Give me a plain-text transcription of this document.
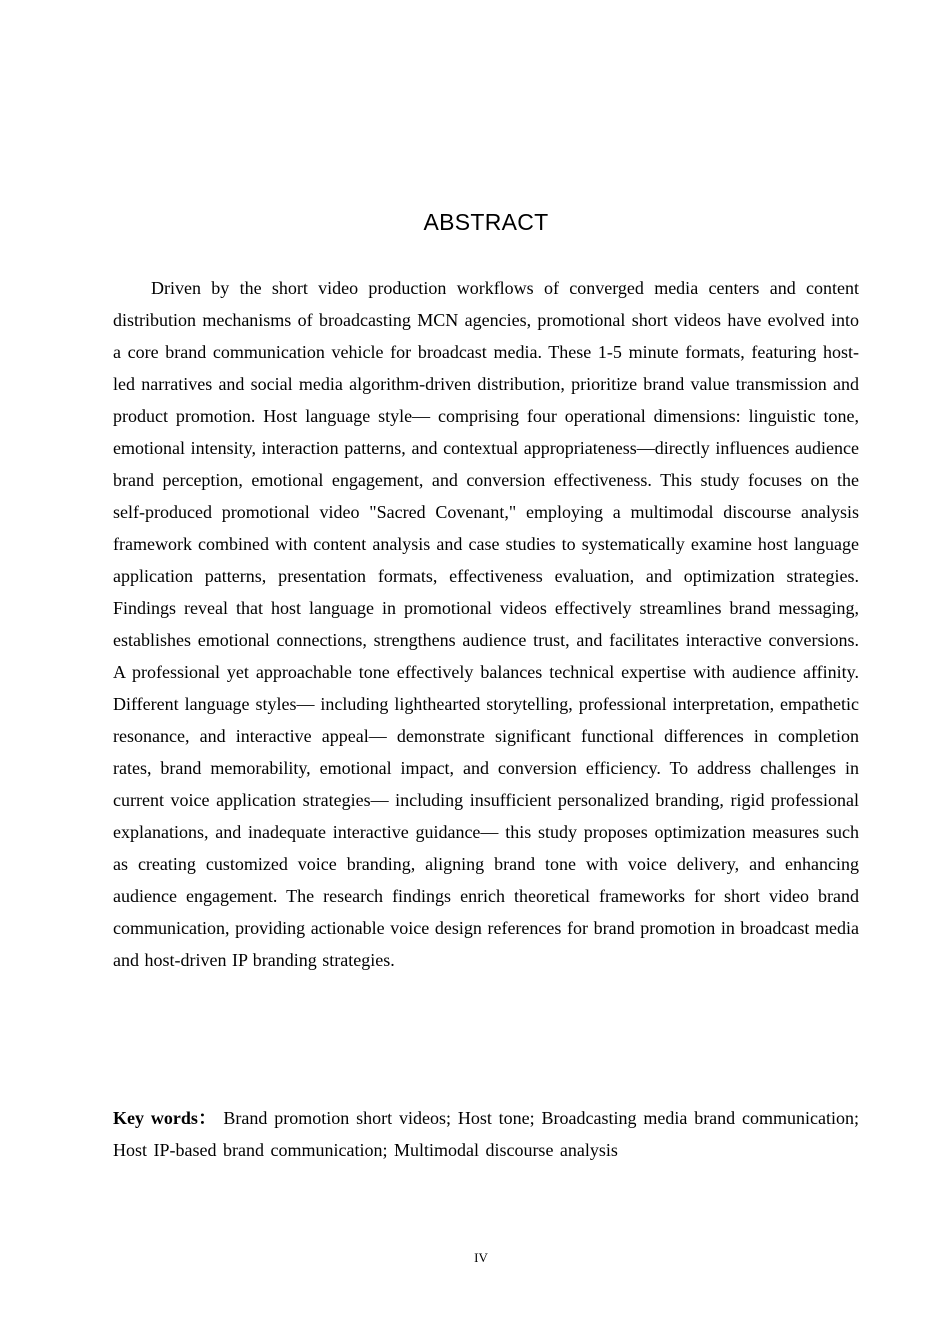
ABSTRACT

Driven by the short video production workflows of converged media centers and content distribution mechanisms of broadcasting MCN agencies, promotional short videos have evolved into a core brand communication vehicle for broadcast media. These 1-5 minute formats, featuring host-led narratives and social media algorithm-driven distribution, prioritize brand value transmission and product promotion. Host language style— comprising four operational dimensions: linguistic tone, emotional intensity, interaction patterns, and contextual appropriateness—directly influences audience brand perception, emotional engagement, and conversion effectiveness. This study focuses on the self-produced promotional video "Sacred Covenant," employing a multimodal discourse analysis framework combined with content analysis and case studies to systematically examine host language application patterns, presentation formats, effectiveness evaluation, and optimization strategies. Findings reveal that host language in promotional videos effectively streamlines brand messaging, establishes emotional connections, strengthens audience trust, and facilitates interactive conversions. A professional yet approachable tone effectively balances technical expertise with audience affinity. Different language styles— including lighthearted storytelling, professional interpretation, empathetic resonance, and interactive appeal— demonstrate significant functional differences in completion rates, brand memorability, emotional impact, and conversion efficiency. To address challenges in current voice application strategies— including insufficient personalized branding, rigid professional explanations, and inadequate interactive guidance— this study proposes optimization measures such as creating customized voice branding, aligning brand tone with voice delivery, and enhancing audience engagement. The research findings enrich theoretical frameworks for short video brand communication, providing actionable voice design references for brand promotion in broadcast media and host-driven IP branding strategies.

Key words： Brand promotion short videos; Host tone; Broadcasting media brand communication; Host IP-based brand communication; Multimodal discourse analysis

IV
